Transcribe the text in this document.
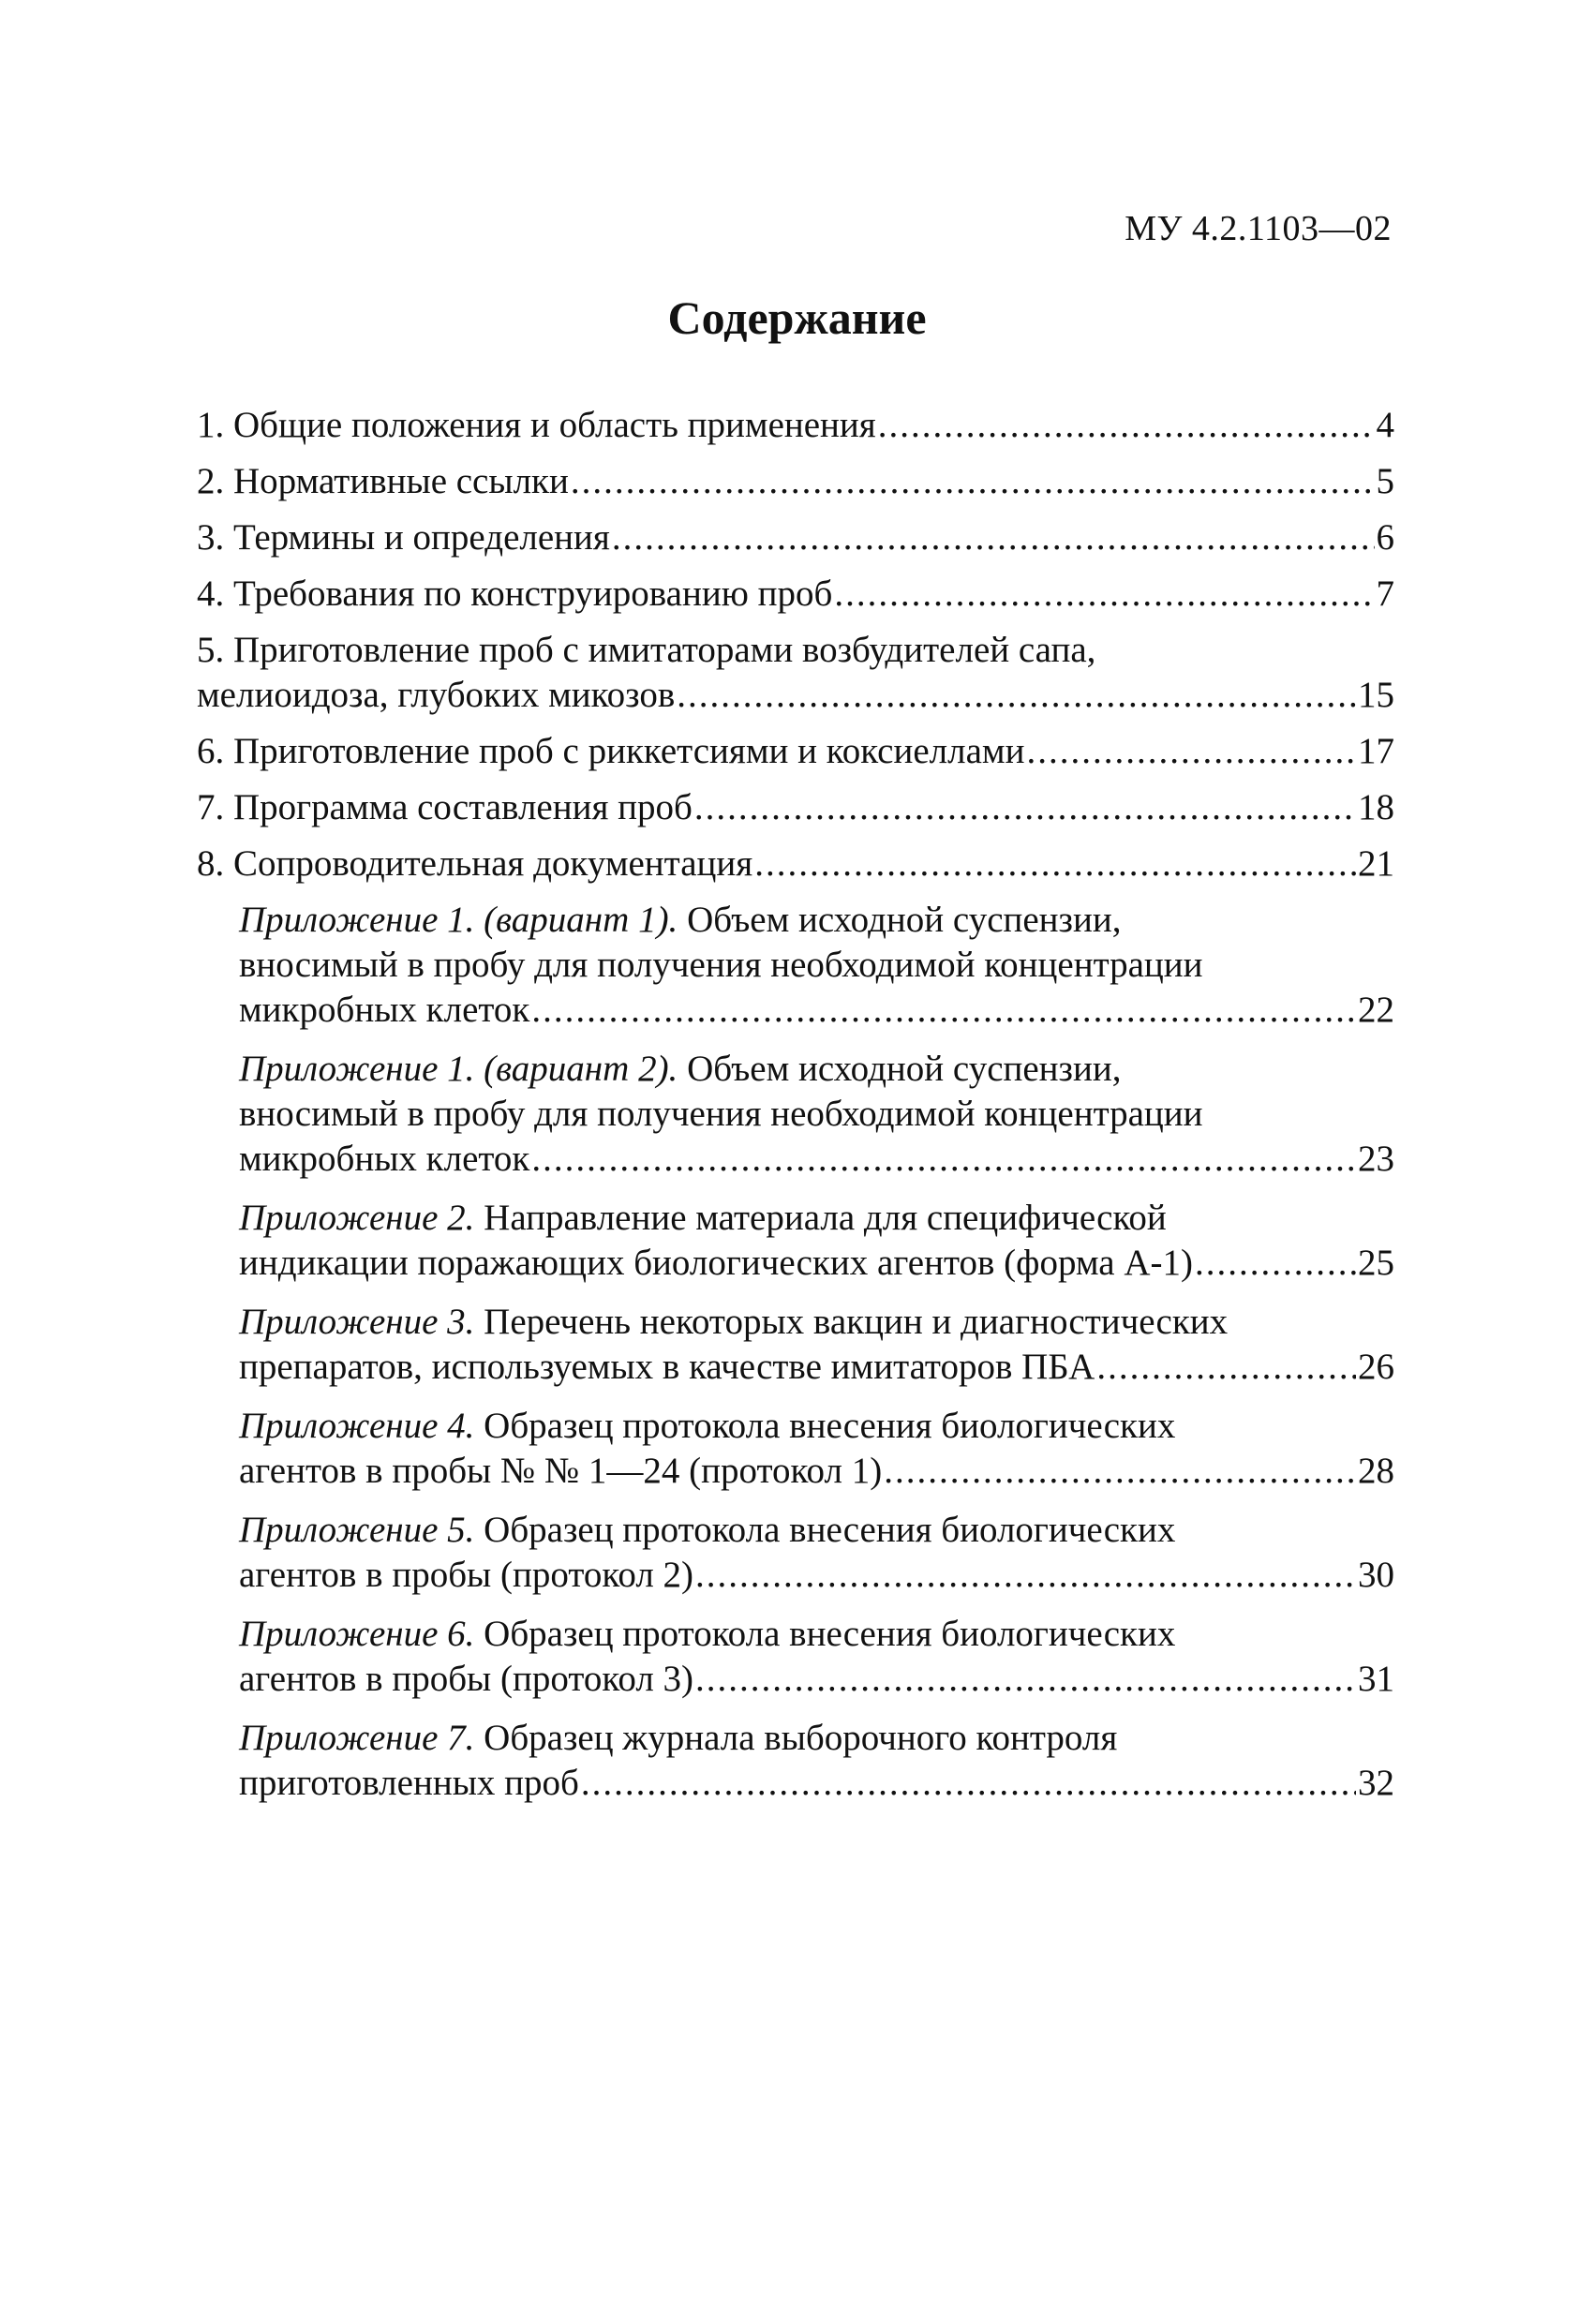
МУ 4.2.1103—02
Содержание
1. Общие положения и область применения .....	4
2. Нормативные ссылки .....	5
3. Термины и определения .....	6
4. Требования по конструированию проб .....	7
5. Приготовление проб с имитаторами возбудителей сапа,
мелиоидоза, глубоких микозов .....	15
6. Приготовление проб с риккетсиями и коксиеллами .....	17
7. Программа составления проб .....	18
8. Сопроводительная документация .....	21
Приложение 1. (вариант 1). Объем исходной суспензии,
вносимый в пробу для получения необходимой концентрации
микробных клеток .....	22
Приложение 1. (вариант 2). Объем исходной суспензии,
вносимый в пробу для получения необходимой концентрации
микробных клеток .....	23
Приложение 2. Направление материала для специфической
индикации поражающих биологических агентов (форма А-1) .....	25
Приложение 3. Перечень некоторых вакцин и диагностических
препаратов, используемых в качестве имитаторов ПБА .....	26
Приложение 4. Образец протокола внесения биологических
агентов в пробы № № 1—24 (протокол 1) .....	28
Приложение 5. Образец протокола внесения биологических
агентов в пробы (протокол 2) .....	30
Приложение 6. Образец протокола внесения биологических
агентов в пробы (протокол 3) .....	31
Приложение 7. Образец журнала выборочного контроля
приготовленных проб .....	32
